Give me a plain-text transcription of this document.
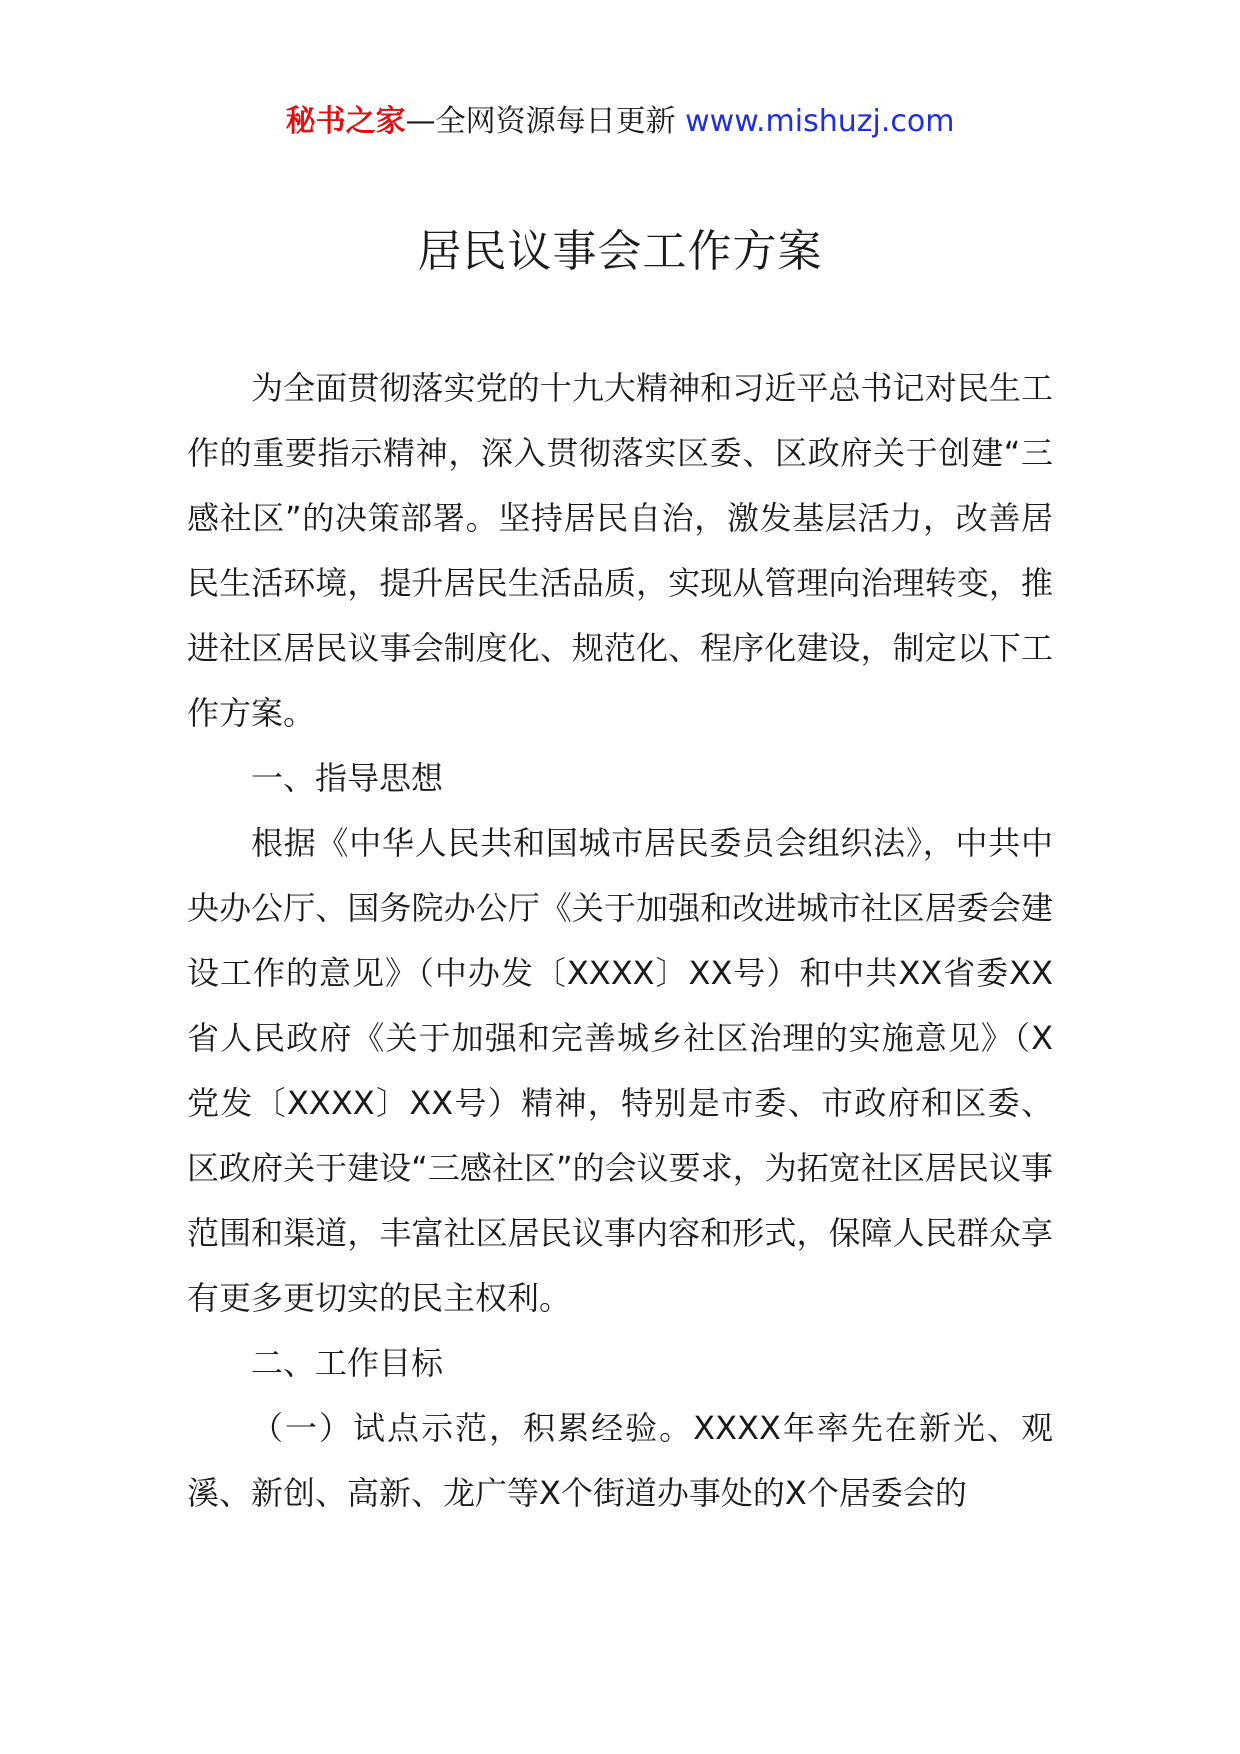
秘书之家—全网资源每日更新 www.mishuzj.com
居民议事会工作方案

为全面贯彻落实党的十九大精神和习近平总书记对民生工作的重要指示精神，深入贯彻落实区委、区政府关于创建“三感社区”的决策部署。坚持居民自治，激发基层活力，改善居民生活环境，提升居民生活品质，实现从管理向治理转变，推进社区居民议事会制度化、规范化、程序化建设，制定以下工作方案。

一、指导思想

根据《中华人民共和国城市居民委员会组织法》，中共中央办公厅、国务院办公厅《关于加强和改进城市社区居委会建设工作的意见》（中办发〔XXXX〕XX号）和中共XX省委XX省人民政府《关于加强和完善城乡社区治理的实施意见》（X党发〔XXXX〕XX号）精神，特别是市委、市政府和区委、区政府关于建设“三感社区”的会议要求，为拓宽社区居民议事范围和渠道，丰富社区居民议事内容和形式，保障人民群众享有更多更切实的民主权利。

二、工作目标

（一）试点示范，积累经验。XXXX年率先在新光、观溪、新创、高新、龙广等X个街道办事处的X个居委会的
